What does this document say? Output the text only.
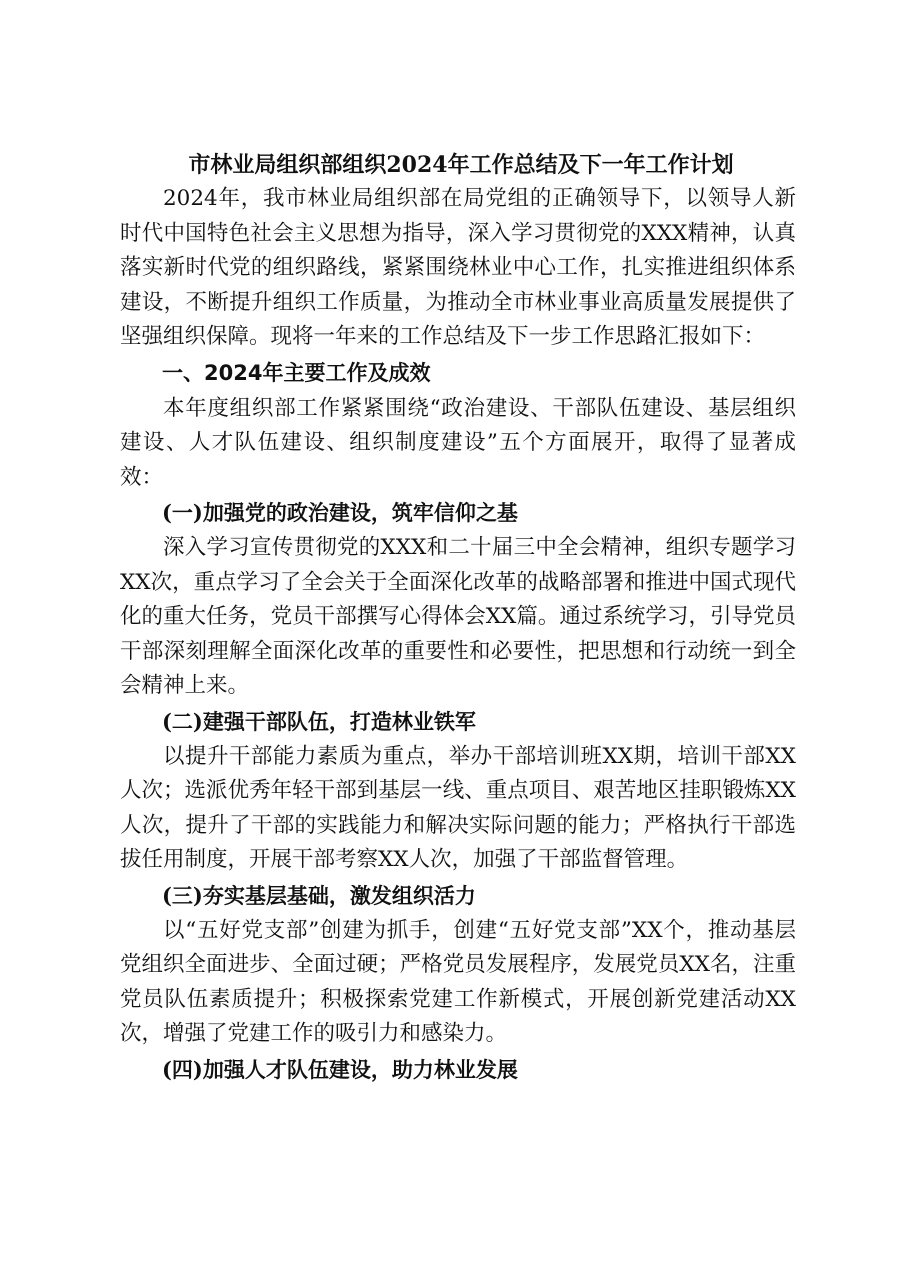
市林业局组织部组织2024年工作总结及下一年工作计划

2024年，我市林业局组织部在局党组的正确领导下，以领导人新时代中国特色社会主义思想为指导，深入学习贯彻党的XXX精神，认真落实新时代党的组织路线，紧紧围绕林业中心工作，扎实推进组织体系建设，不断提升组织工作质量，为推动全市林业事业高质量发展提供了坚强组织保障。现将一年来的工作总结及下一步工作思路汇报如下：

一、2024年主要工作及成效

本年度组织部工作紧紧围绕“政治建设、干部队伍建设、基层组织建设、人才队伍建设、组织制度建设”五个方面展开，取得了显著成效：

(一)加强党的政治建设，筑牢信仰之基

深入学习宣传贯彻党的XXX和二十届三中全会精神，组织专题学习XX次，重点学习了全会关于全面深化改革的战略部署和推进中国式现代化的重大任务，党员干部撰写心得体会XX篇。通过系统学习，引导党员干部深刻理解全面深化改革的重要性和必要性，把思想和行动统一到全会精神上来。

(二)建强干部队伍，打造林业铁军

以提升干部能力素质为重点，举办干部培训班XX期，培训干部XX人次；选派优秀年轻干部到基层一线、重点项目、艰苦地区挂职锻炼XX人次，提升了干部的实践能力和解决实际问题的能力；严格执行干部选拔任用制度，开展干部考察XX人次，加强了干部监督管理。

(三)夯实基层基础，激发组织活力

以“五好党支部”创建为抓手，创建“五好党支部”XX个，推动基层党组织全面进步、全面过硬；严格党员发展程序，发展党员XX名，注重党员队伍素质提升；积极探索党建工作新模式，开展创新党建活动XX次，增强了党建工作的吸引力和感染力。

(四)加强人才队伍建设，助力林业发展
